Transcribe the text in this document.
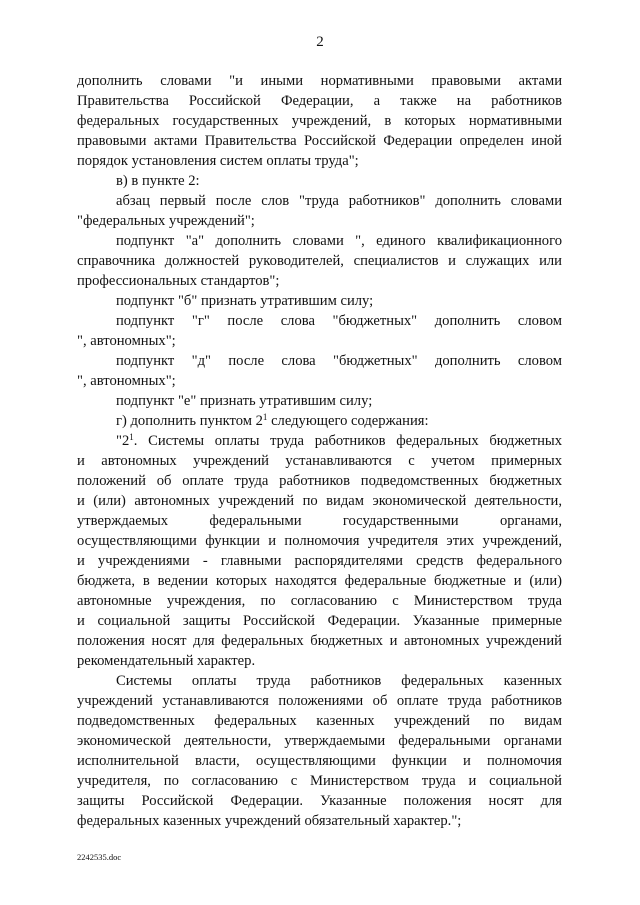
2
дополнить словами "и иными нормативными правовыми актами
Правительства Российской Федерации, а также на работников
федеральных государственных учреждений, в которых нормативными
правовыми актами Правительства Российской Федерации определен иной
порядок установления систем оплаты труда";
в) в пункте 2:
абзац первый после слов "труда работников" дополнить словами
"федеральных учреждений";
подпункт "а" дополнить словами ", единого квалификационного
справочника должностей руководителей, специалистов и служащих или
профессиональных стандартов";
подпункт "б" признать утратившим силу;
подпункт "г" после слова "бюджетных" дополнить словом
", автономных";
подпункт "д" после слова "бюджетных" дополнить словом
", автономных";
подпункт "е" признать утратившим силу;
г) дополнить пунктом $2^1$ следующего содержания:
"$2^1$. Системы оплаты труда работников федеральных бюджетных
и автономных учреждений устанавливаются с учетом примерных
положений об оплате труда работников подведомственных бюджетных
и (или) автономных учреждений по видам экономической деятельности,
утверждаемых федеральными государственными органами,
осуществляющими функции и полномочия учредителя этих учреждений,
и учреждениями - главными распорядителями средств федерального
бюджета, в ведении которых находятся федеральные бюджетные и (или)
автономные учреждения, по согласованию с Министерством труда
и социальной защиты Российской Федерации. Указанные примерные
положения носят для федеральных бюджетных и автономных учреждений
рекомендательный характер.
Системы оплаты труда работников федеральных казенных
учреждений устанавливаются положениями об оплате труда работников
подведомственных федеральных казенных учреждений по видам
экономической деятельности, утверждаемыми федеральными органами
исполнительной власти, осуществляющими функции и полномочия
учредителя, по согласованию с Министерством труда и социальной
защиты Российской Федерации. Указанные положения носят для
федеральных казенных учреждений обязательный характер.";
2242535.doc
